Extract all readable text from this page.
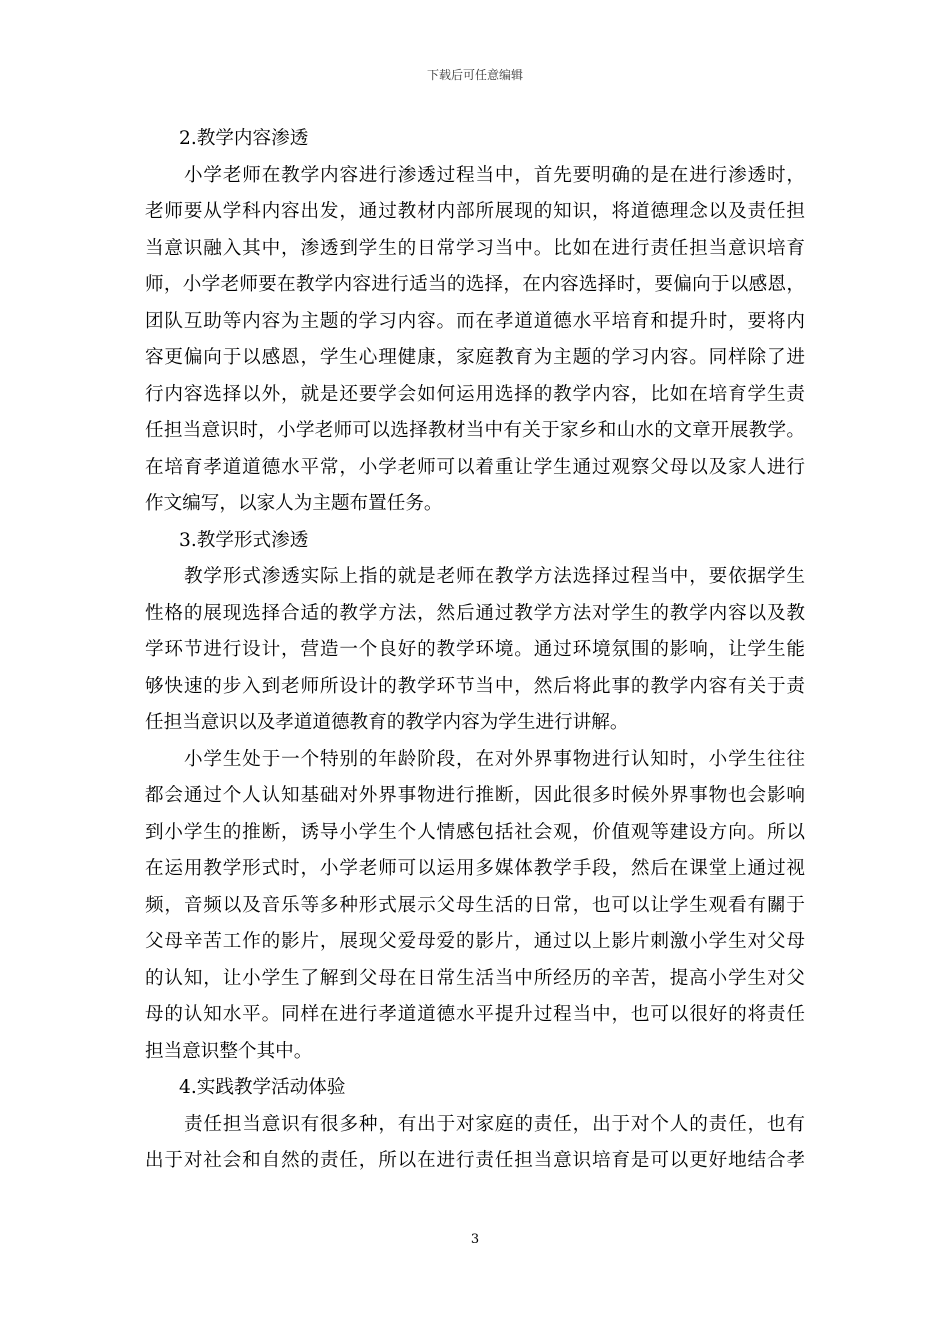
下载后可任意编辑
2.教学内容渗透
小学老师在教学内容进行渗透过程当中，首先要明确的是在进行渗透时，
老师要从学科内容出发，通过教材内部所展现的知识，将道德理念以及责任担
当意识融入其中，渗透到学生的日常学习当中。比如在进行责任担当意识培育
师，小学老师要在教学内容进行适当的选择，在内容选择时，要偏向于以感恩，
团队互助等内容为主题的学习内容。而在孝道道德水平培育和提升时，要将内
容更偏向于以感恩，学生心理健康，家庭教育为主题的学习内容。同样除了进
行内容选择以外，就是还要学会如何运用选择的教学内容，比如在培育学生责
任担当意识时，小学老师可以选择教材当中有关于家乡和山水的文章开展教学。
在培育孝道道德水平常，小学老师可以着重让学生通过观察父母以及家人进行
作文编写，以家人为主题布置任务。
3.教学形式渗透
教学形式渗透实际上指的就是老师在教学方法选择过程当中，要依据学生
性格的展现选择合适的教学方法，然后通过教学方法对学生的教学内容以及教
学环节进行设计，营造一个良好的教学环境。通过环境氛围的影响，让学生能
够快速的步入到老师所设计的教学环节当中，然后将此事的教学内容有关于责
任担当意识以及孝道道德教育的教学内容为学生进行讲解。
小学生处于一个特别的年龄阶段，在对外界事物进行认知时，小学生往往
都会通过个人认知基础对外界事物进行推断，因此很多时候外界事物也会影响
到小学生的推断，诱导小学生个人情感包括社会观，价值观等建设方向。所以
在运用教学形式时，小学老师可以运用多媒体教学手段，然后在课堂上通过视
频，音频以及音乐等多种形式展示父母生活的日常，也可以让学生观看有關于
父母辛苦工作的影片，展现父爱母爱的影片，通过以上影片刺激小学生对父母
的认知，让小学生了解到父母在日常生活当中所经历的辛苦，提高小学生对父
母的认知水平。同样在进行孝道道德水平提升过程当中，也可以很好的将责任
担当意识整个其中。
4.实践教学活动体验
责任担当意识有很多种，有出于对家庭的责任，出于对个人的责任，也有
出于对社会和自然的责任，所以在进行责任担当意识培育是可以更好地结合孝
3
